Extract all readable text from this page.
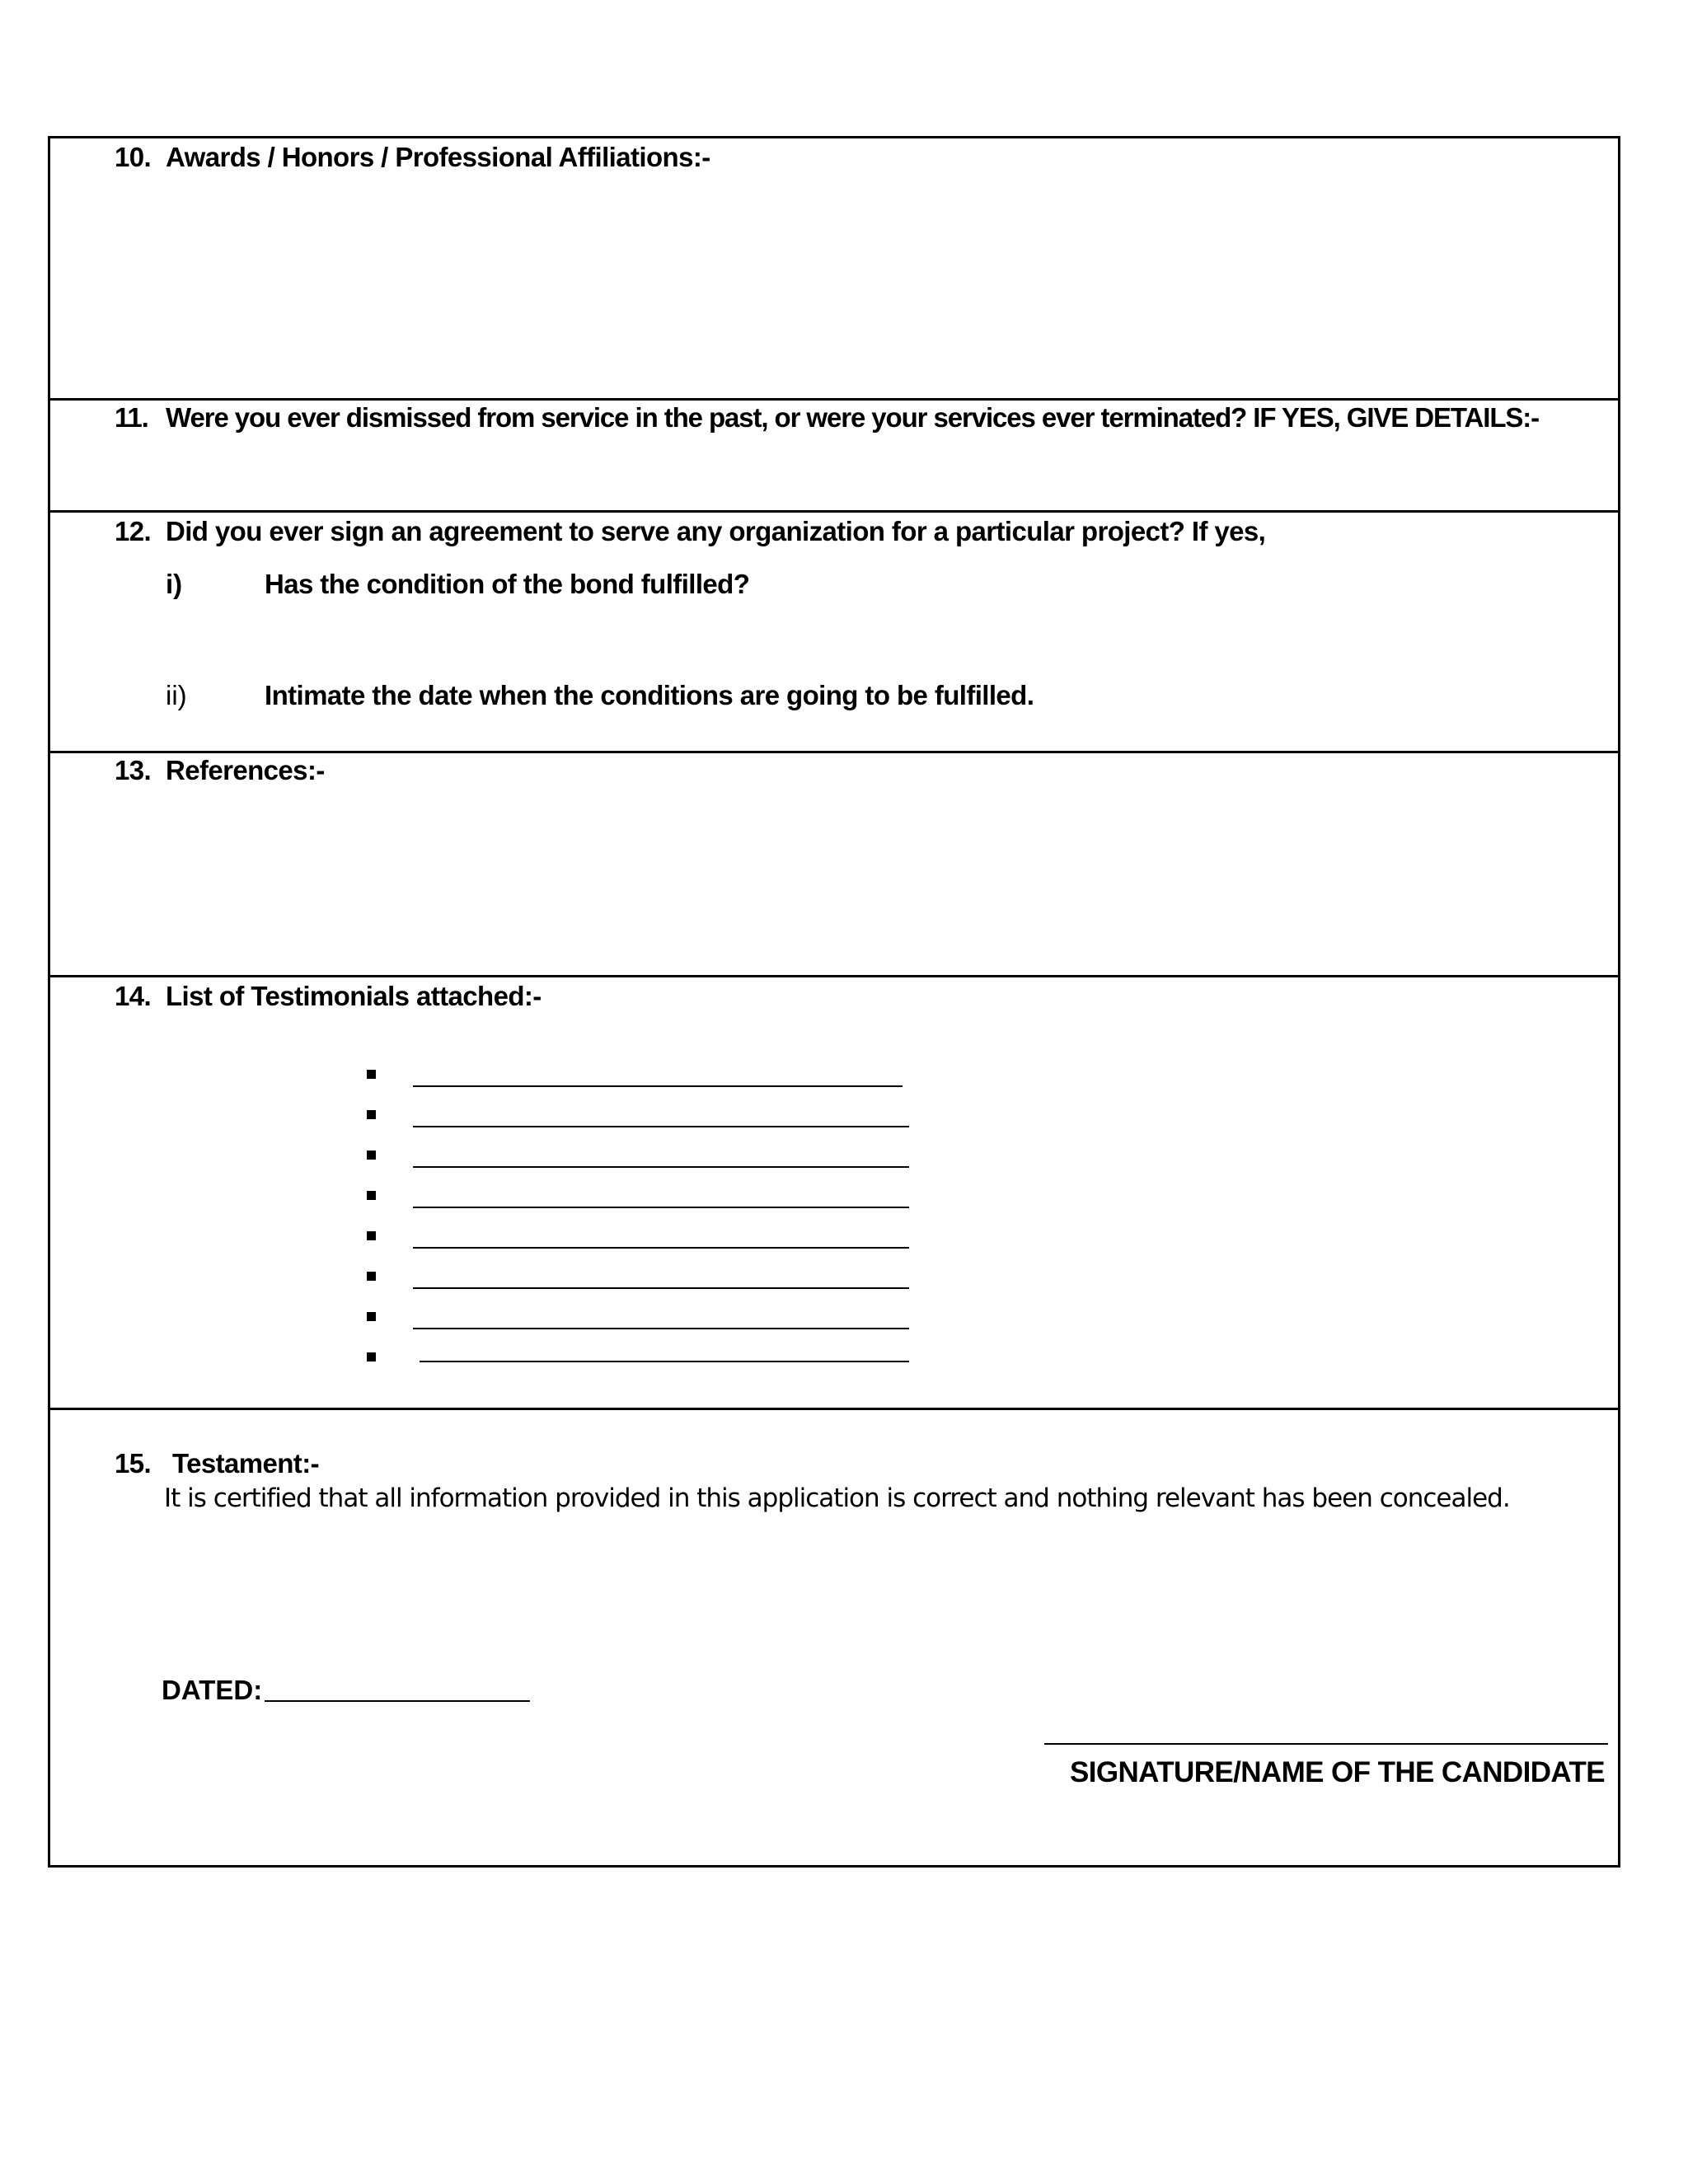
10. Awards / Honors / Professional Affiliations:-
11. Were you ever dismissed from service in the past, or were your services ever terminated? IF YES, GIVE DETAILS:-
12. Did you ever sign an agreement to serve any organization for a particular project? If yes,
i)	Has the condition of the bond fulfilled?
ii)	Intimate the date when the conditions are going to be fulfilled.
13. References:-
14. List of Testimonials attached:-
15. Testament:-
It is certified that all information provided in this application is correct and nothing relevant has been concealed.
DATED:
SIGNATURE/NAME OF THE CANDIDATE
